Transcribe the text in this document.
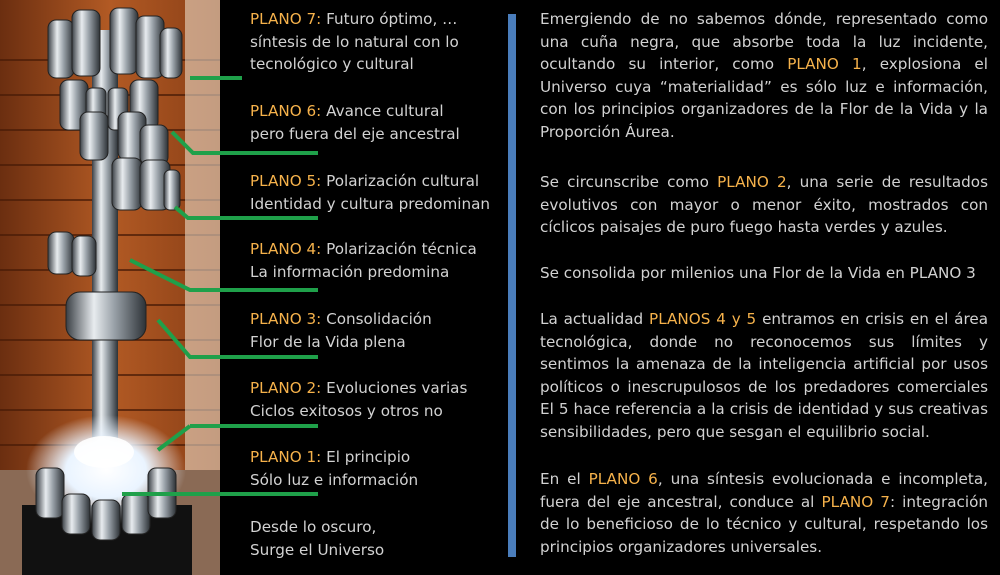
PLANO 7: Futuro óptimo, …
síntesis de lo natural con lo
tecnológico y cultural
PLANO 6: Avance cultural
pero fuera del eje ancestral
PLANO 5: Polarización cultural
Identidad y cultura predominan
PLANO 4: Polarización técnica
La información predomina
PLANO 3: Consolidación
Flor de la Vida plena
PLANO 2: Evoluciones varias
Ciclos exitosos y otros no
PLANO 1: El principio
Sólo luz e información
Desde lo oscuro,
Surge el Universo
Emergiendo de no sabemos dónde, representado como una cuña negra, que absorbe toda la luz incidente, ocultando su interior, como PLANO 1, explosiona el Universo cuya “materialidad” es sólo luz e información, con los principios organizadores de la Flor de la Vida y la Proporción Áurea.
Se circunscribe como PLANO 2, una serie de resultados evolutivos con mayor o menor éxito, mostrados con cíclicos paisajes de puro fuego hasta verdes y azules.
Se consolida por milenios una Flor de la Vida en PLANO 3
La actualidad PLANOS 4 y 5 entramos en crisis en el área tecnológica, donde no reconocemos sus límites y sentimos la amenaza de la inteligencia artificial por usos políticos o inescrupulosos de los predadores comerciales El 5 hace referencia a la crisis de identidad y sus creativas sensibilidades, pero que sesgan el equilibrio social.
En el PLANO 6, una síntesis evolucionada e incompleta, fuera del eje ancestral, conduce al PLANO 7: integración de lo beneficioso de lo técnico y cultural, respetando los principios organizadores universales.
